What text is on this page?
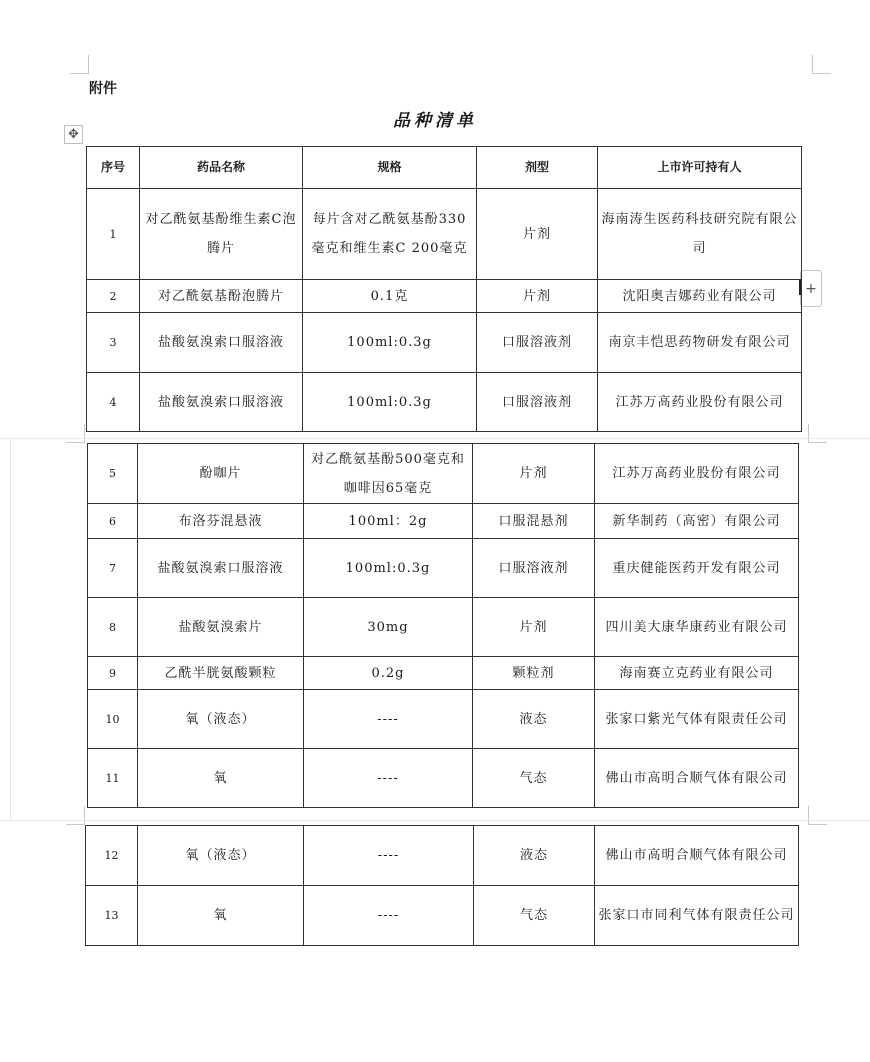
附件
品种清单
✥
+
序号	药品名称	规格	剂型	上市许可持有人
1	对乙酰氨基酚维生素C泡腾片	每片含对乙酰氨基酚330毫克和维生素C 200毫克	片剂	海南涛生医药科技研究院有限公司
2	对乙酰氨基酚泡腾片	0.1克	片剂	沈阳奥吉娜药业有限公司
3	盐酸氨溴索口服溶液	100ml:0.3g	口服溶液剂	南京丰恺思药物研发有限公司
4	盐酸氨溴索口服溶液	100ml:0.3g	口服溶液剂	江苏万高药业股份有限公司
5	酚咖片	对乙酰氨基酚500毫克和咖啡因65毫克	片剂	江苏万高药业股份有限公司
6	布洛芬混悬液	100ml：2g	口服混悬剂	新华制药（高密）有限公司
7	盐酸氨溴索口服溶液	100ml:0.3g	口服溶液剂	重庆健能医药开发有限公司
8	盐酸氨溴索片	30mg	片剂	四川美大康华康药业有限公司
9	乙酰半胱氨酸颗粒	0.2g	颗粒剂	海南赛立克药业有限公司
10	氧（液态）	----	液态	张家口紫光气体有限责任公司
11	氧	----	气态	佛山市高明合顺气体有限公司
12	氧（液态）	----	液态	佛山市高明合顺气体有限公司
13	氧	----	气态	张家口市同利气体有限责任公司
